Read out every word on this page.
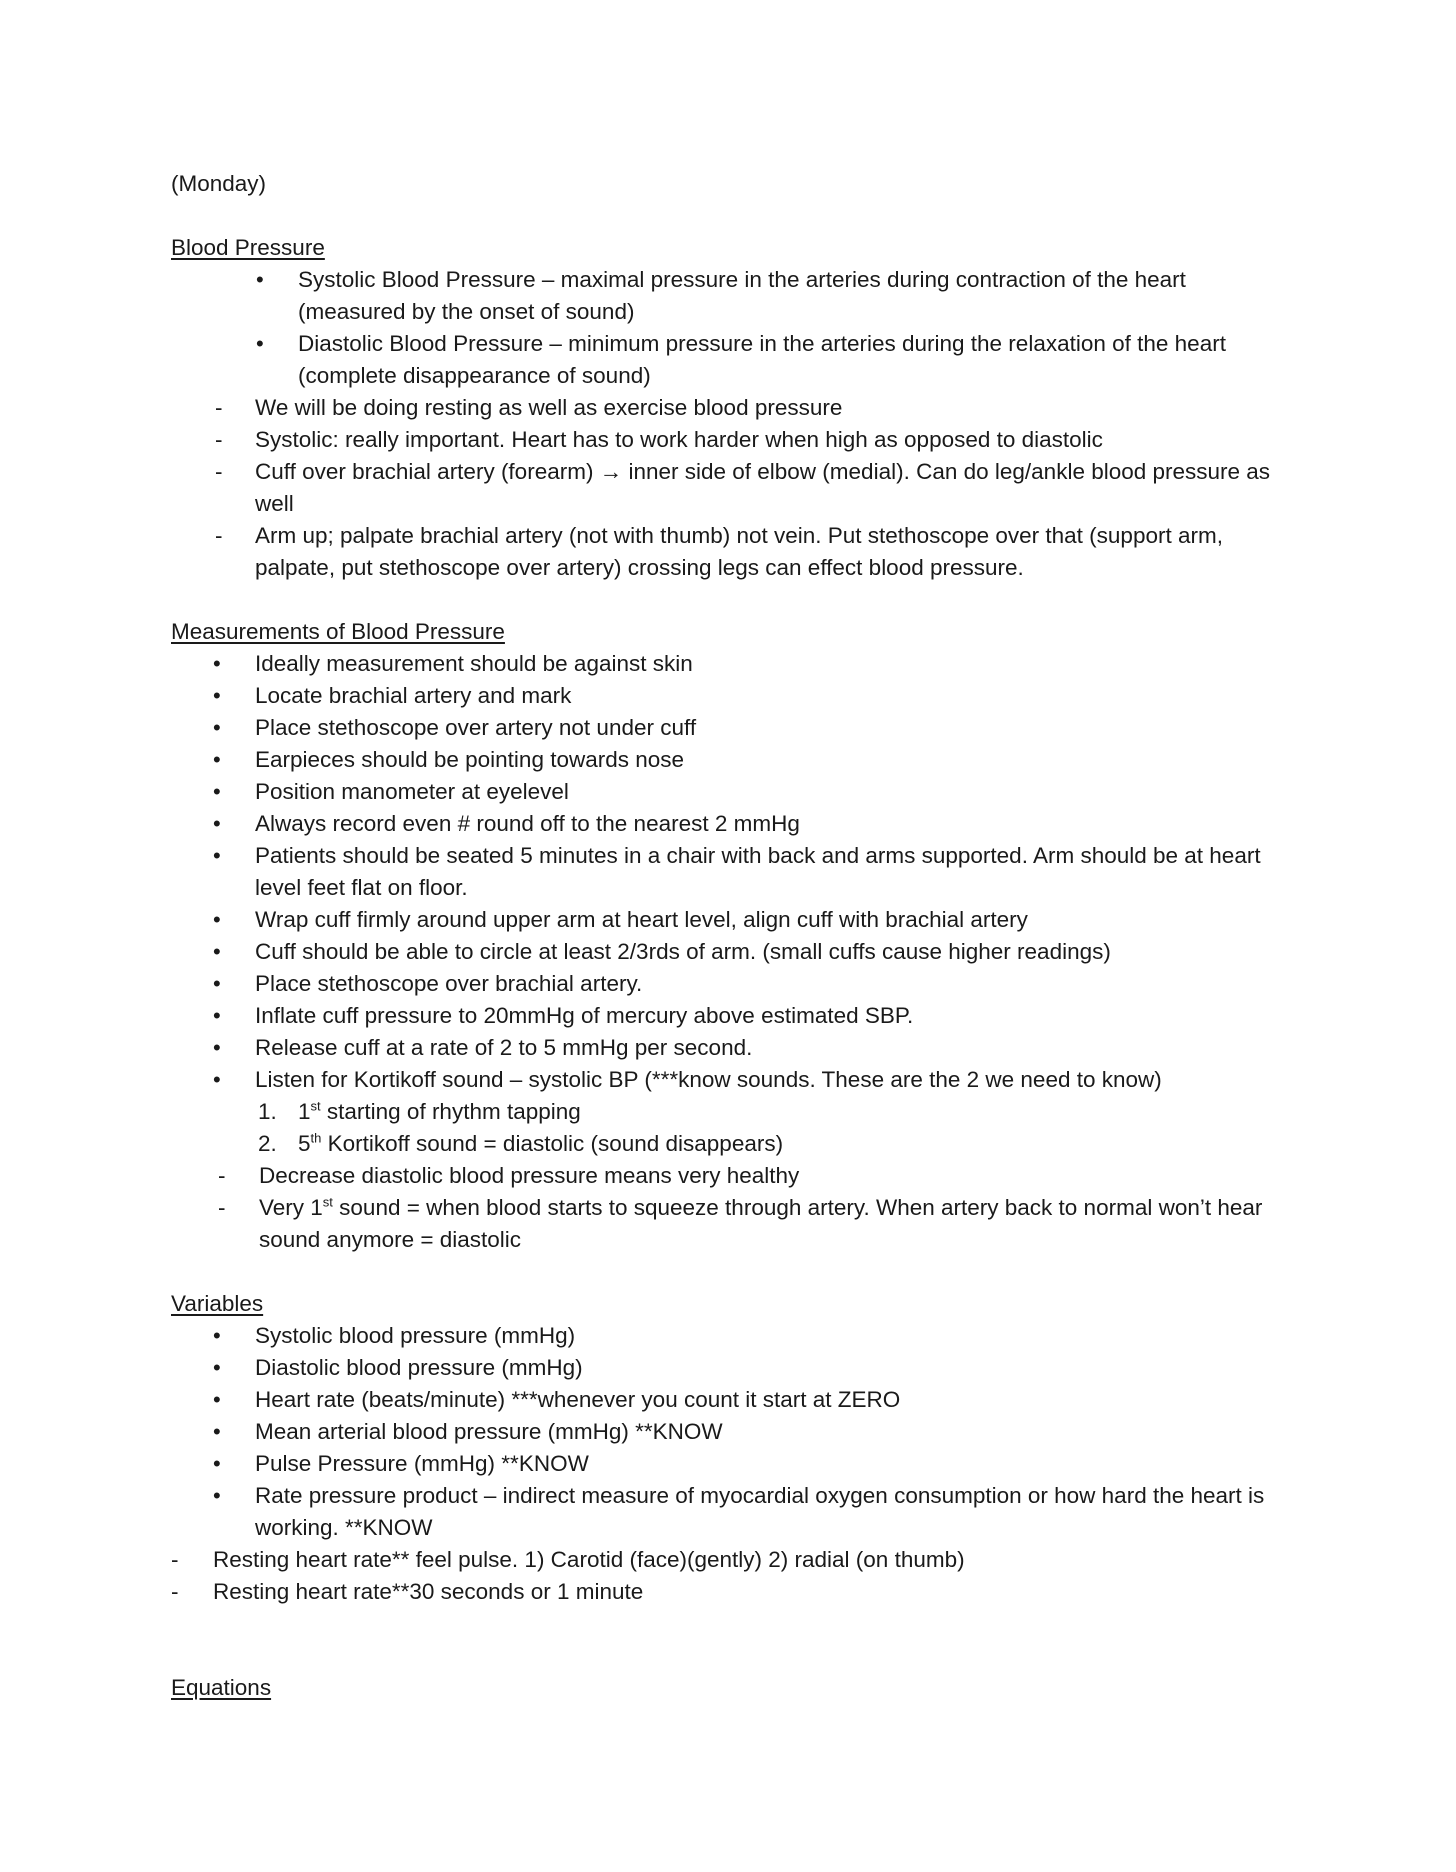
(Monday)

Blood Pressure

• Systolic Blood Pressure – maximal pressure in the arteries during contraction of the heart (measured by the onset of sound)
• Diastolic Blood Pressure – minimum pressure in the arteries during the relaxation of the heart (complete disappearance of sound)
- We will be doing resting as well as exercise blood pressure
- Systolic: really important. Heart has to work harder when high as opposed to diastolic
- Cuff over brachial artery (forearm) → inner side of elbow (medial). Can do leg/ankle blood pressure as well
- Arm up; palpate brachial artery (not with thumb) not vein. Put stethoscope over that (support arm, palpate, put stethoscope over artery) crossing legs can effect blood pressure.

Measurements of Blood Pressure

• Ideally measurement should be against skin
• Locate brachial artery and mark
• Place stethoscope over artery not under cuff
• Earpieces should be pointing towards nose
• Position manometer at eyelevel
• Always record even # round off to the nearest 2 mmHg
• Patients should be seated 5 minutes in a chair with back and arms supported. Arm should be at heart level feet flat on floor.
• Wrap cuff firmly around upper arm at heart level, align cuff with brachial artery
• Cuff should be able to circle at least 2/3rds of arm. (small cuffs cause higher readings)
• Place stethoscope over brachial artery.
• Inflate cuff pressure to 20mmHg of mercury above estimated SBP.
• Release cuff at a rate of 2 to 5 mmHg per second.
• Listen for Kortikoff sound – systolic BP (***know sounds. These are the 2 we need to know)
1. 1st starting of rhythm tapping
2. 5th Kortikoff sound = diastolic (sound disappears)
- Decrease diastolic blood pressure means very healthy
- Very 1st sound = when blood starts to squeeze through artery. When artery back to normal won’t hear sound anymore = diastolic

Variables

• Systolic blood pressure (mmHg)
• Diastolic blood pressure (mmHg)
• Heart rate (beats/minute) ***whenever you count it start at ZERO
• Mean arterial blood pressure (mmHg) **KNOW
• Pulse Pressure (mmHg) **KNOW
• Rate pressure product – indirect measure of myocardial oxygen consumption or how hard the heart is working. **KNOW
- Resting heart rate** feel pulse. 1) Carotid (face)(gently) 2) radial (on thumb)
- Resting heart rate**30 seconds or 1 minute

Equations
